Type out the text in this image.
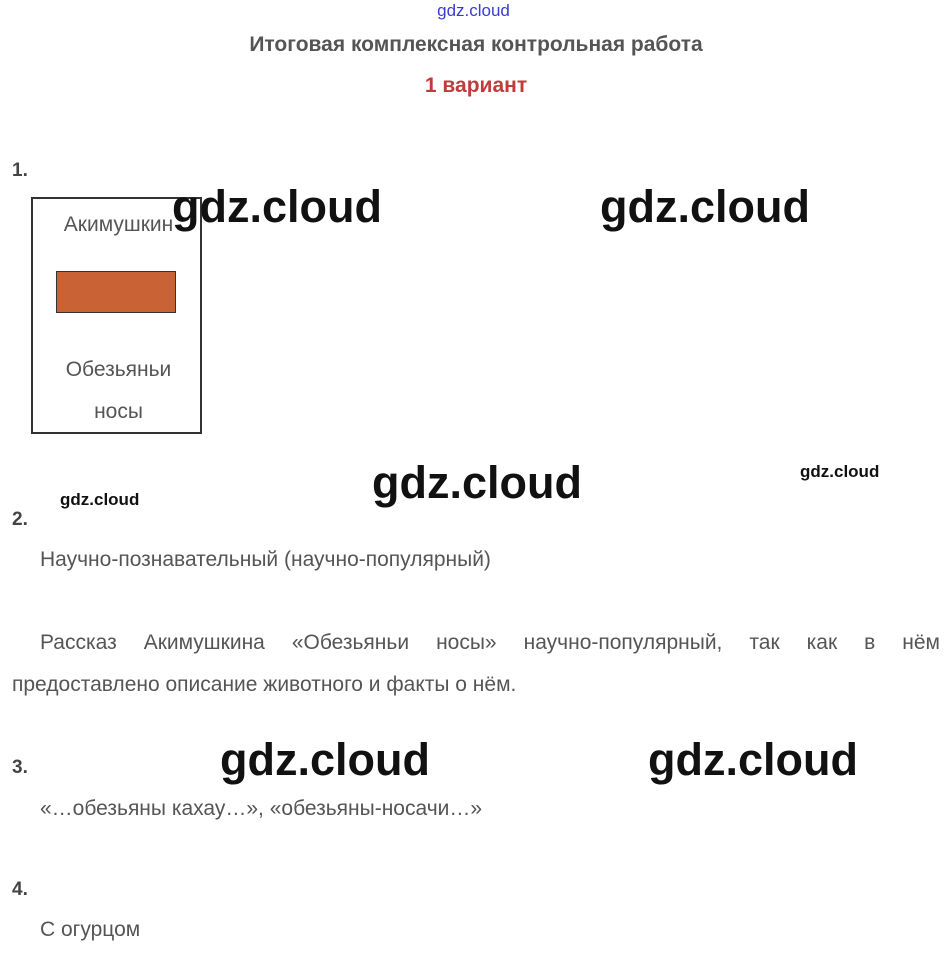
gdz.cloud
Итоговая комплексная контрольная работа
1 вариант
1.
Акимушкин
Обезьяньи
носы
2.
Научно-познавательный (научно-популярный)
Рассказ Акимушкина «Обезьяньи носы» научно-популярный, так как в нём
предоставлено описание животного и факты о нём.
3.
«…обезьяны кахау…», «обезьяны-носачи…»
4.
С огурцом
gdz.cloud	gdz.cloud
gdz.cloud
gdz.cloud	gdz.cloud
gdz.cloud
gdz.cloud
